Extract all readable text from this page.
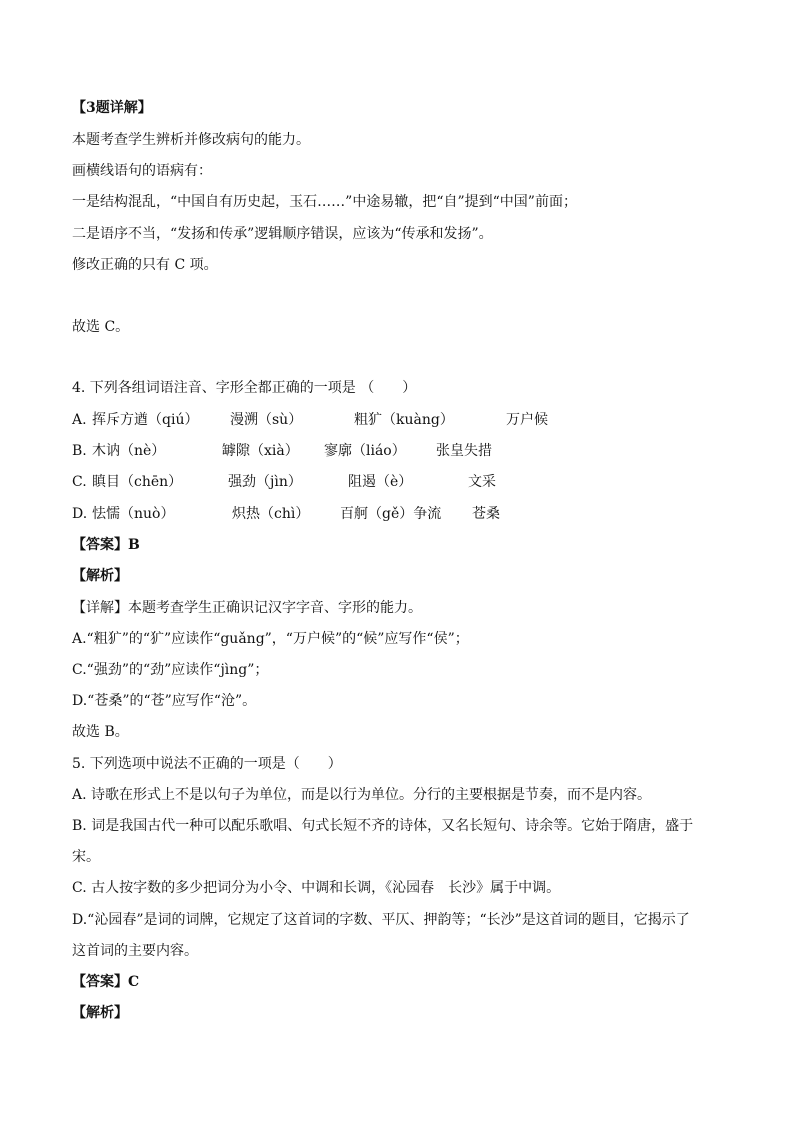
【3题详解】
本题考查学生辨析并修改病句的能力。
画横线语句的语病有：
一是结构混乱，“中国自有历史起，玉石……”中途易辙，把“自”提到“中国”前面；
二是语序不当，“发扬和传承”逻辑顺序错误，应该为“传承和发扬”。
修改正确的只有 C 项。
故选 C。
4. 下列各组词语注音、字形全都正确的一项是 （　　）
A. 挥斥方遒（qiú） 漫溯（sù）	粗犷（kuàng）	万户候
B. 木讷（nè）	罅隙（xià） 寥廓（liáo） 张皇失措
C. 瞋目（chēn）	强劲（jìn）	阻遏（è）	文采
D. 怯懦（nuò）	炽热（chì） 百舸（gě）争流 苍桑
【答案】B
【解析】
【详解】本题考查学生正确识记汉字字音、字形的能力。
A.“粗犷”的“犷”应读作“guǎng”，“万户候”的“候”应写作“侯”；
C.“强劲”的“劲”应读作“jìng”；
D.“苍桑”的“苍”应写作“沧”。
故选 B。
5. 下列选项中说法不正确的一项是（　　）
A. 诗歌在形式上不是以句子为单位，而是以行为单位。分行的主要根据是节奏，而不是内容。
B. 词是我国古代一种可以配乐歌唱、句式长短不齐的诗体，又名长短句、诗余等。它始于隋唐，盛于
宋。
C. 古人按字数的多少把词分为小令、中调和长调，《沁园春　长沙》属于中调。
D.“沁园春”是词的词牌，它规定了这首词的字数、平仄、押韵等；“长沙”是这首词的题目，它揭示了
这首词的主要内容。
【答案】C
【解析】
